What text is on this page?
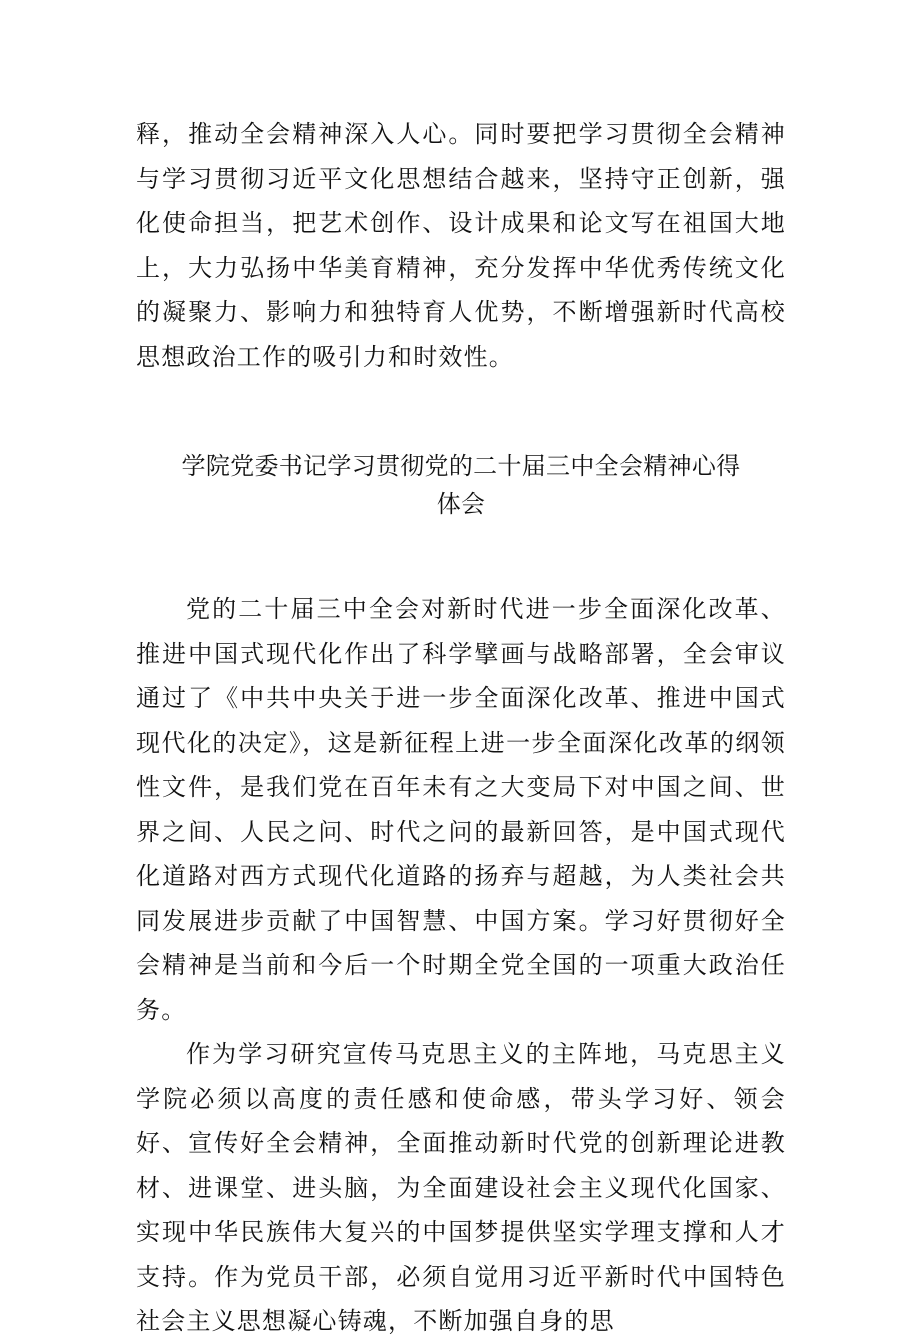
释，推动全会精神深入人心。同时要把学习贯彻全会精神与学习贯彻习近平文化思想结合越来，坚持守正创新，强化使命担当，把艺术创作、设计成果和论文写在祖国大地上，大力弘扬中华美育精神，充分发挥中华优秀传统文化的凝聚力、影响力和独特育人优势，不断增强新时代高校思想政治工作的吸引力和时效性。

学院党委书记学习贯彻党的二十届三中全会精神心得
体会

党的二十届三中全会对新时代进一步全面深化改革、推进中国式现代化作出了科学擘画与战略部署，全会审议通过了《中共中央关于进一步全面深化改革、推进中国式现代化的决定》，这是新征程上进一步全面深化改革的纲领性文件，是我们党在百年未有之大变局下对中国之间、世界之间、人民之问、时代之问的最新回答，是中国式现代化道路对西方式现代化道路的扬弃与超越，为人类社会共同发展进步贡献了中国智慧、中国方案。学习好贯彻好全会精神是当前和今后一个时期全党全国的一项重大政治任务。

作为学习研究宣传马克思主义的主阵地，马克思主义学院必须以高度的责任感和使命感，带头学习好、领会好、宣传好全会精神，全面推动新时代党的创新理论进教材、进课堂、进头脑，为全面建设社会主义现代化国家、实现中华民族伟大复兴的中国梦提供坚实学理支撑和人才支持。作为党员干部，必须自觉用习近平新时代中国特色社会主义思想凝心铸魂，不断加强自身的思
